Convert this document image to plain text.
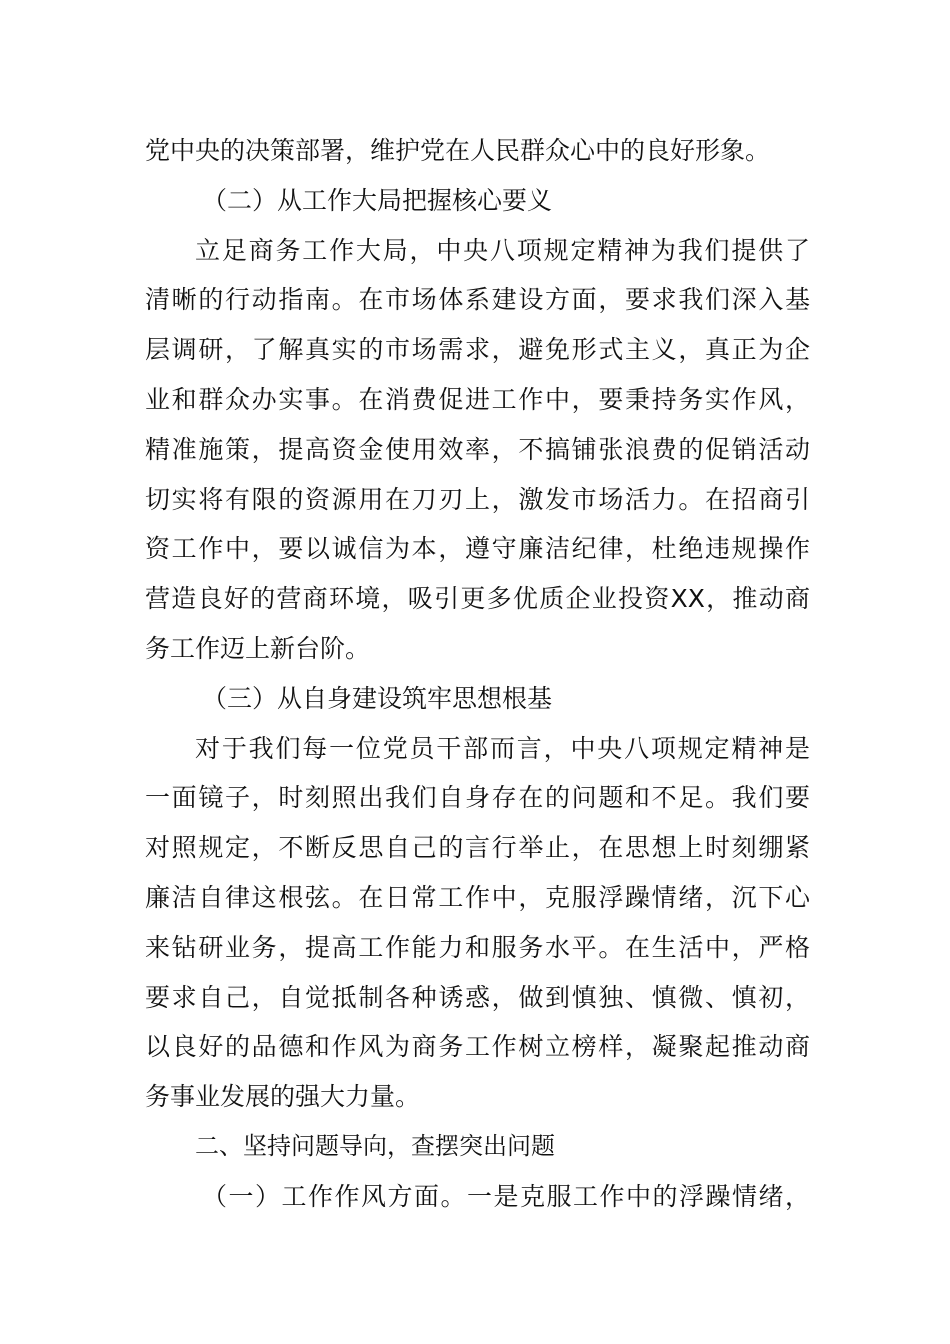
党中央的决策部署，维护党在人民群众心中的良好形象。
（二）从工作大局把握核心要义
立足商务工作大局，中央八项规定精神为我们提供了
清晰的行动指南。在市场体系建设方面，要求我们深入基
层调研，了解真实的市场需求，避免形式主义，真正为企
业和群众办实事。在消费促进工作中，要秉持务实作风，
精准施策，提高资金使用效率，不搞铺张浪费的促销活动
切实将有限的资源用在刀刃上，激发市场活力。在招商引
资工作中，要以诚信为本，遵守廉洁纪律，杜绝违规操作
营造良好的营商环境，吸引更多优质企业投资XX，推动商
务工作迈上新台阶。
（三）从自身建设筑牢思想根基
对于我们每一位党员干部而言，中央八项规定精神是
一面镜子，时刻照出我们自身存在的问题和不足。我们要
对照规定，不断反思自己的言行举止，在思想上时刻绷紧
廉洁自律这根弦。在日常工作中，克服浮躁情绪，沉下心
来钻研业务，提高工作能力和服务水平。在生活中，严格
要求自己，自觉抵制各种诱惑，做到慎独、慎微、慎初，
以良好的品德和作风为商务工作树立榜样，凝聚起推动商
务事业发展的强大力量。
二、坚持问题导向，查摆突出问题
（一）工作作风方面。一是克服工作中的浮躁情绪，
